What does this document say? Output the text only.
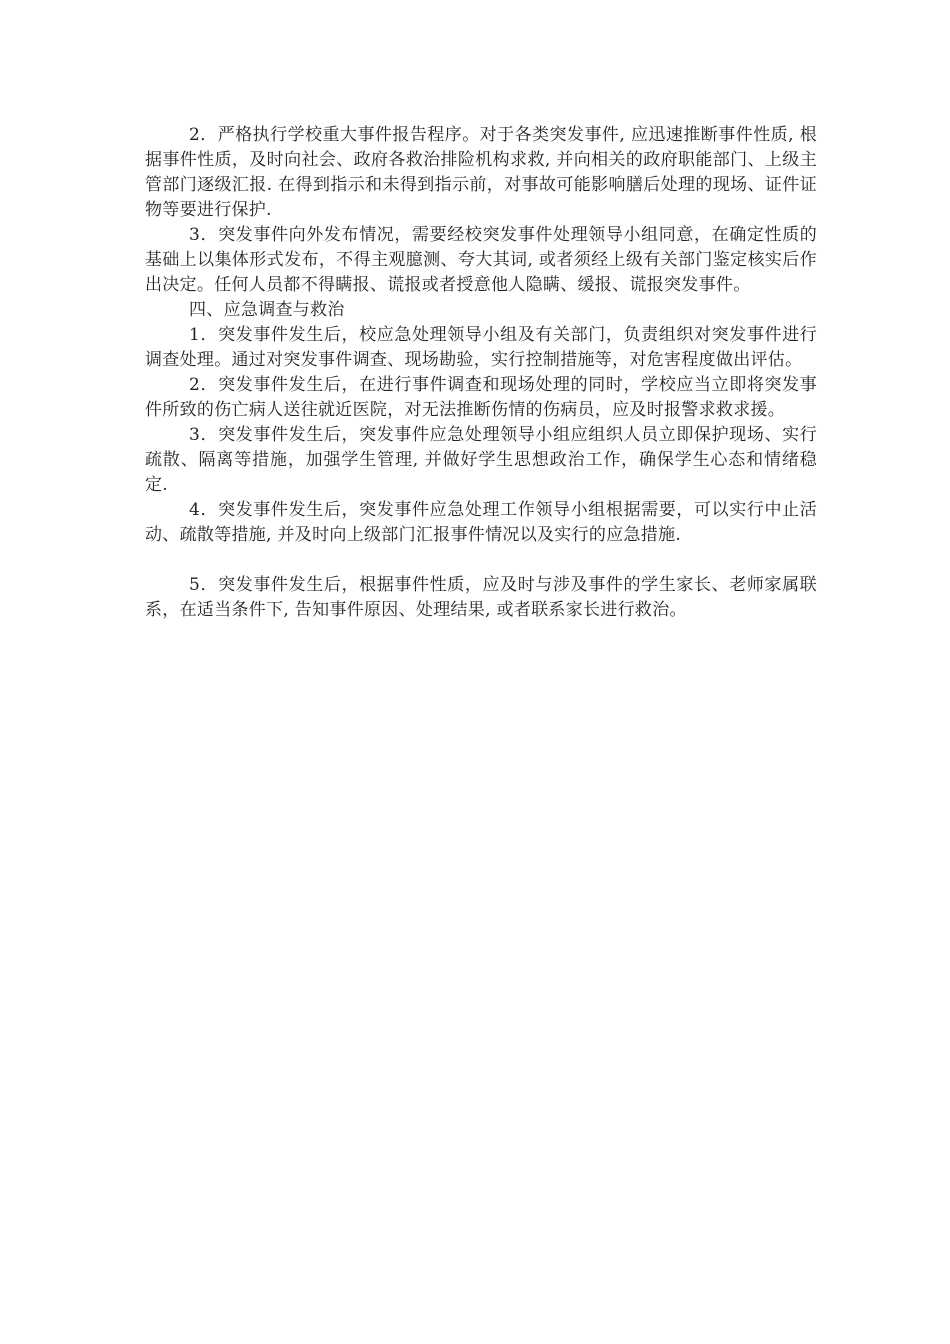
2．严格执行学校重大事件报告程序。对于各类突发事件, 应迅速推断事件性质, 根据事件性质，及时向社会、政府各救治排险机构求救, 并向相关的政府职能部门、上级主管部门逐级汇报. 在得到指示和未得到指示前，对事故可能影响膳后处理的现场、证件证物等要进行保护.

3．突发事件向外发布情况，需要经校突发事件处理领导小组同意，在确定性质的基础上以集体形式发布，不得主观臆测、夸大其词, 或者须经上级有关部门鉴定核实后作出决定。任何人员都不得瞒报、谎报或者授意他人隐瞒、缓报、谎报突发事件。

四、应急调查与救治

1．突发事件发生后，校应急处理领导小组及有关部门，负责组织对突发事件进行调查处理。通过对突发事件调查、现场勘验，实行控制措施等，对危害程度做出评估。

2．突发事件发生后，在进行事件调查和现场处理的同时，学校应当立即将突发事件所致的伤亡病人送往就近医院，对无法推断伤情的伤病员，应及时报警求救求援。

3．突发事件发生后，突发事件应急处理领导小组应组织人员立即保护现场、实行疏散、隔离等措施，加强学生管理, 并做好学生思想政治工作，确保学生心态和情绪稳定.

4．突发事件发生后，突发事件应急处理工作领导小组根据需要，可以实行中止活动、疏散等措施, 并及时向上级部门汇报事件情况以及实行的应急措施.

5．突发事件发生后，根据事件性质，应及时与涉及事件的学生家长、老师家属联系，在适当条件下, 告知事件原因、处理结果, 或者联系家长进行救治。
